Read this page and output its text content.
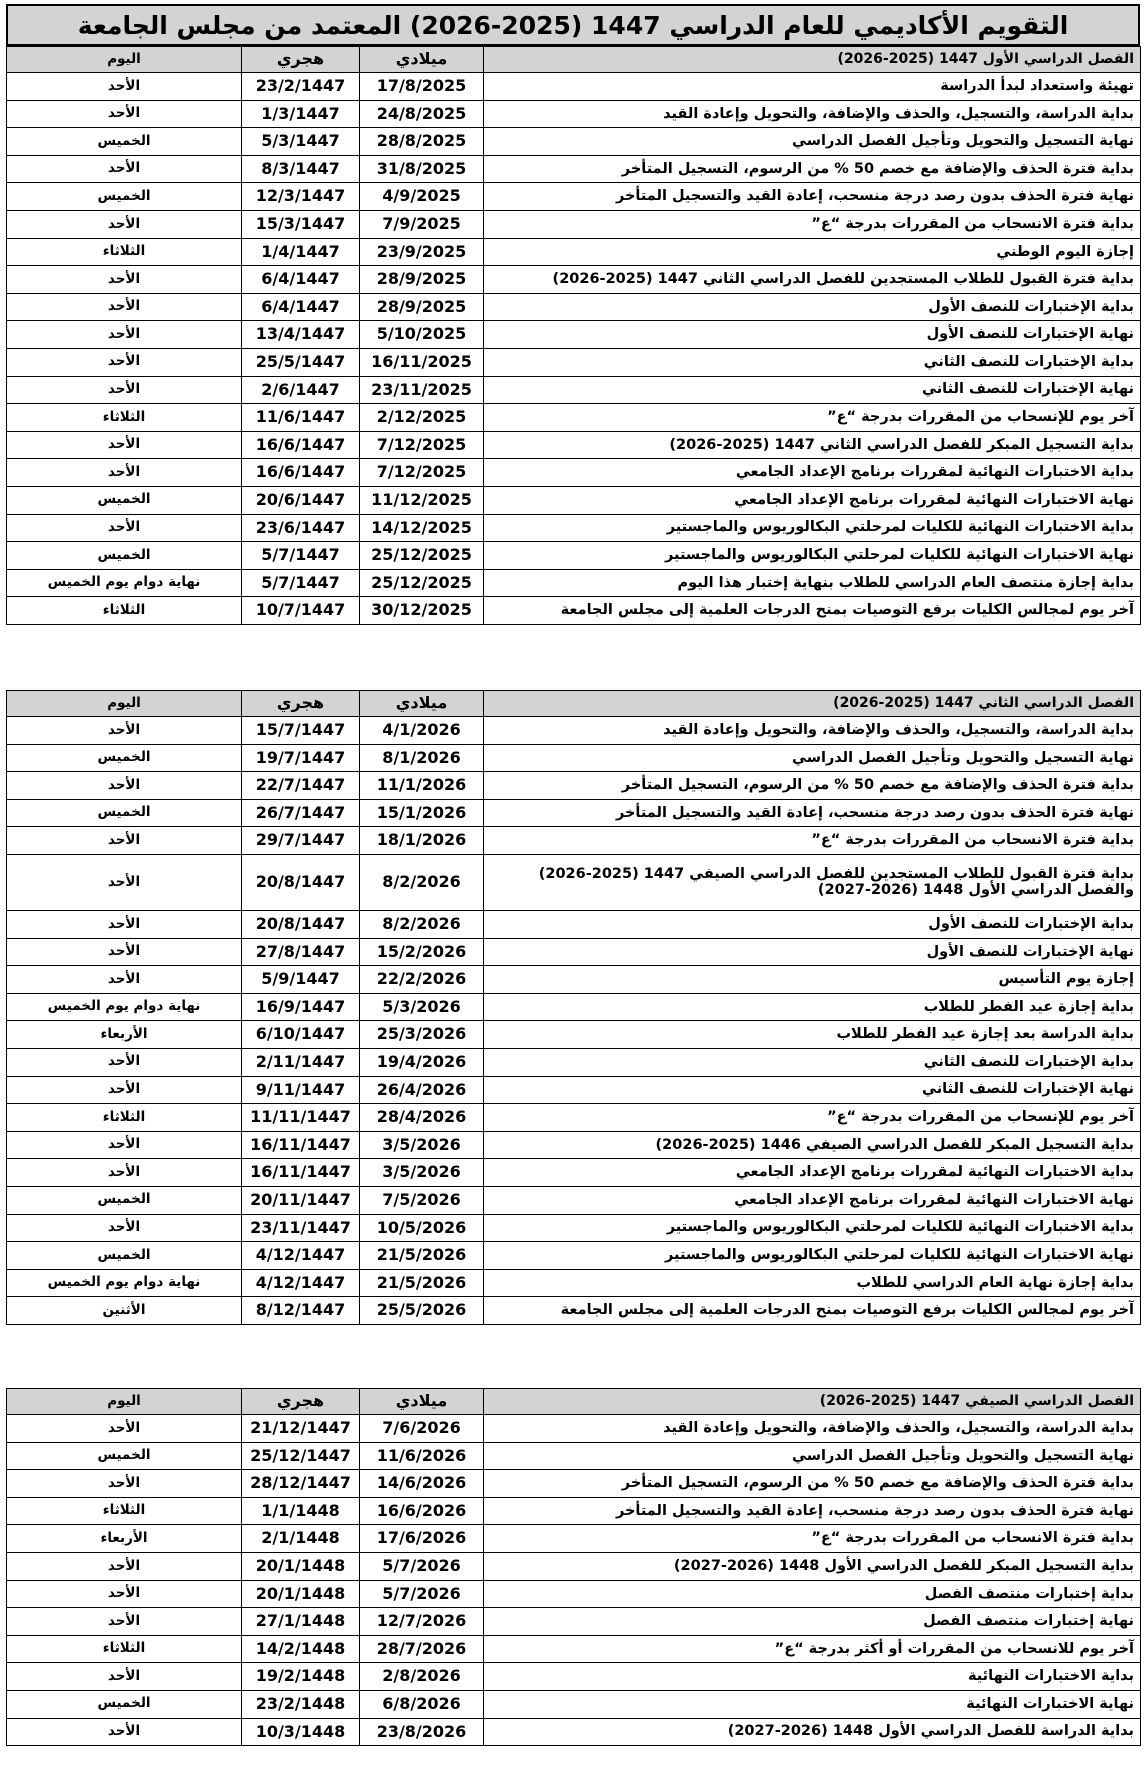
التقويم الأكاديمي للعام الدراسي 1447 (2025-2026) المعتمد من مجلس الجامعة
الفصل الدراسي الأول 1447 (2025-2026)	ميلادي	هجري	اليوم
تهيئة واستعداد لبدأ الدراسة	17/8/2025	23/2/1447	الأحد
بداية الدراسة، والتسجيل، والحذف والإضافة، والتحويل وإعادة القيد	24/8/2025	1/3/1447	الأحد
نهاية التسجيل والتحويل وتأجيل الفصل الدراسي	28/8/2025	5/3/1447	الخميس
بداية فترة الحذف والإضافة مع خصم 50 % من الرسوم، التسجيل المتأخر	31/8/2025	8/3/1447	الأحد
نهاية فترة الحذف بدون رصد درجة منسحب، إعادة القيد والتسجيل المتأخر	4/9/2025	12/3/1447	الخميس
بداية فترة الانسحاب من المقررات بدرجة “ع”	7/9/2025	15/3/1447	الأحد
إجازة اليوم الوطني	23/9/2025	1/4/1447	الثلاثاء
بداية فترة القبول للطلاب المستجدين للفصل الدراسي الثاني 1447 (2025-2026)	28/9/2025	6/4/1447	الأحد
بداية الإختبارات للنصف الأول	28/9/2025	6/4/1447	الأحد
نهاية الإختبارات للنصف الأول	5/10/2025	13/4/1447	الأحد
بداية الإختبارات للنصف الثاني	16/11/2025	25/5/1447	الأحد
نهاية الإختبارات للنصف الثاني	23/11/2025	2/6/1447	الأحد
آخر يوم للإنسحاب من المقررات بدرجة “ع”	2/12/2025	11/6/1447	الثلاثاء
بداية التسجيل المبكر للفصل الدراسي الثاني 1447 (2025-2026)	7/12/2025	16/6/1447	الأحد
بداية الاختبارات النهائية لمقررات برنامج الإعداد الجامعي	7/12/2025	16/6/1447	الأحد
نهاية الاختبارات النهائية لمقررات برنامج الإعداد الجامعي	11/12/2025	20/6/1447	الخميس
بداية الاختبارات النهائية للكليات لمرحلتي البكالوريوس والماجستير	14/12/2025	23/6/1447	الأحد
نهاية الاختبارات النهائية للكليات لمرحلتي البكالوريوس والماجستير	25/12/2025	5/7/1447	الخميس
بداية إجازة منتصف العام الدراسي للطلاب بنهاية إختبار هذا اليوم	25/12/2025	5/7/1447	نهاية دوام يوم الخميس
آخر يوم لمجالس الكليات برفع التوصيات بمنح الدرجات العلمية إلى مجلس الجامعة	30/12/2025	10/7/1447	الثلاثاء
الفصل الدراسي الثاني 1447 (2025-2026)	ميلادي	هجري	اليوم
بداية الدراسة، والتسجيل، والحذف والإضافة، والتحويل وإعادة القيد	4/1/2026	15/7/1447	الأحد
نهاية التسجيل والتحويل وتأجيل الفصل الدراسي	8/1/2026	19/7/1447	الخميس
بداية فترة الحذف والإضافة مع خصم 50 % من الرسوم، التسجيل المتأخر	11/1/2026	22/7/1447	الأحد
نهاية فترة الحذف بدون رصد درجة منسحب، إعادة القيد والتسجيل المتأخر	15/1/2026	26/7/1447	الخميس
بداية فترة الانسحاب من المقررات بدرجة “ع”	18/1/2026	29/7/1447	الأحد
بداية فترة القبول للطلاب المستجدين للفصل الدراسي الصيفي 1447 (2025-2026) والفصل الدراسي الأول 1448 (2026-2027)	8/2/2026	20/8/1447	الأحد
بداية الإختبارات للنصف الأول	8/2/2026	20/8/1447	الأحد
نهاية الإختبارات للنصف الأول	15/2/2026	27/8/1447	الأحد
إجازة يوم التأسيس	22/2/2026	5/9/1447	الأحد
بداية إجازة عيد الفطر للطلاب	5/3/2026	16/9/1447	نهاية دوام يوم الخميس
بداية الدراسة بعد إجازة عيد الفطر للطلاب	25/3/2026	6/10/1447	الأربعاء
بداية الإختبارات للنصف الثاني	19/4/2026	2/11/1447	الأحد
نهاية الإختبارات للنصف الثاني	26/4/2026	9/11/1447	الأحد
آخر يوم للإنسحاب من المقررات بدرجة “ع”	28/4/2026	11/11/1447	الثلاثاء
بداية التسجيل المبكر للفصل الدراسي الصيفي 1446 (2025-2026)	3/5/2026	16/11/1447	الأحد
بداية الاختبارات النهائية لمقررات برنامج الإعداد الجامعي	3/5/2026	16/11/1447	الأحد
نهاية الاختبارات النهائية لمقررات برنامج الإعداد الجامعي	7/5/2026	20/11/1447	الخميس
بداية الاختبارات النهائية للكليات لمرحلتي البكالوريوس والماجستير	10/5/2026	23/11/1447	الأحد
نهاية الاختبارات النهائية للكليات لمرحلتي البكالوريوس والماجستير	21/5/2026	4/12/1447	الخميس
بداية إجازة نهاية العام الدراسي للطلاب	21/5/2026	4/12/1447	نهاية دوام يوم الخميس
آخر يوم لمجالس الكليات برفع التوصيات بمنح الدرجات العلمية إلى مجلس الجامعة	25/5/2026	8/12/1447	الأثنين
الفصل الدراسي الصيفي 1447 (2025-2026)	ميلادي	هجري	اليوم
بداية الدراسة، والتسجيل، والحذف والإضافة، والتحويل وإعادة القيد	7/6/2026	21/12/1447	الأحد
نهاية التسجيل والتحويل وتأجيل الفصل الدراسي	11/6/2026	25/12/1447	الخميس
بداية فترة الحذف والإضافة مع خصم 50 % من الرسوم، التسجيل المتأخر	14/6/2026	28/12/1447	الأحد
نهاية فترة الحذف بدون رصد درجة منسحب، إعادة القيد والتسجيل المتأخر	16/6/2026	1/1/1448	الثلاثاء
بداية فترة الانسحاب من المقررات بدرجة “ع”	17/6/2026	2/1/1448	الأربعاء
بداية التسجيل المبكر للفصل الدراسي الأول 1448 (2026-2027)	5/7/2026	20/1/1448	الأحد
بداية إختبارات منتصف الفصل	5/7/2026	20/1/1448	الأحد
نهاية إختبارات منتصف الفصل	12/7/2026	27/1/1448	الأحد
آخر يوم للانسحاب من المقررات أو أكثر بدرجة “ع”	28/7/2026	14/2/1448	الثلاثاء
بداية الاختبارات النهائية	2/8/2026	19/2/1448	الأحد
نهاية الاختبارات النهائية	6/8/2026	23/2/1448	الخميس
بداية الدراسة للفصل الدراسي الأول 1448 (2026-2027)	23/8/2026	10/3/1448	الأحد
